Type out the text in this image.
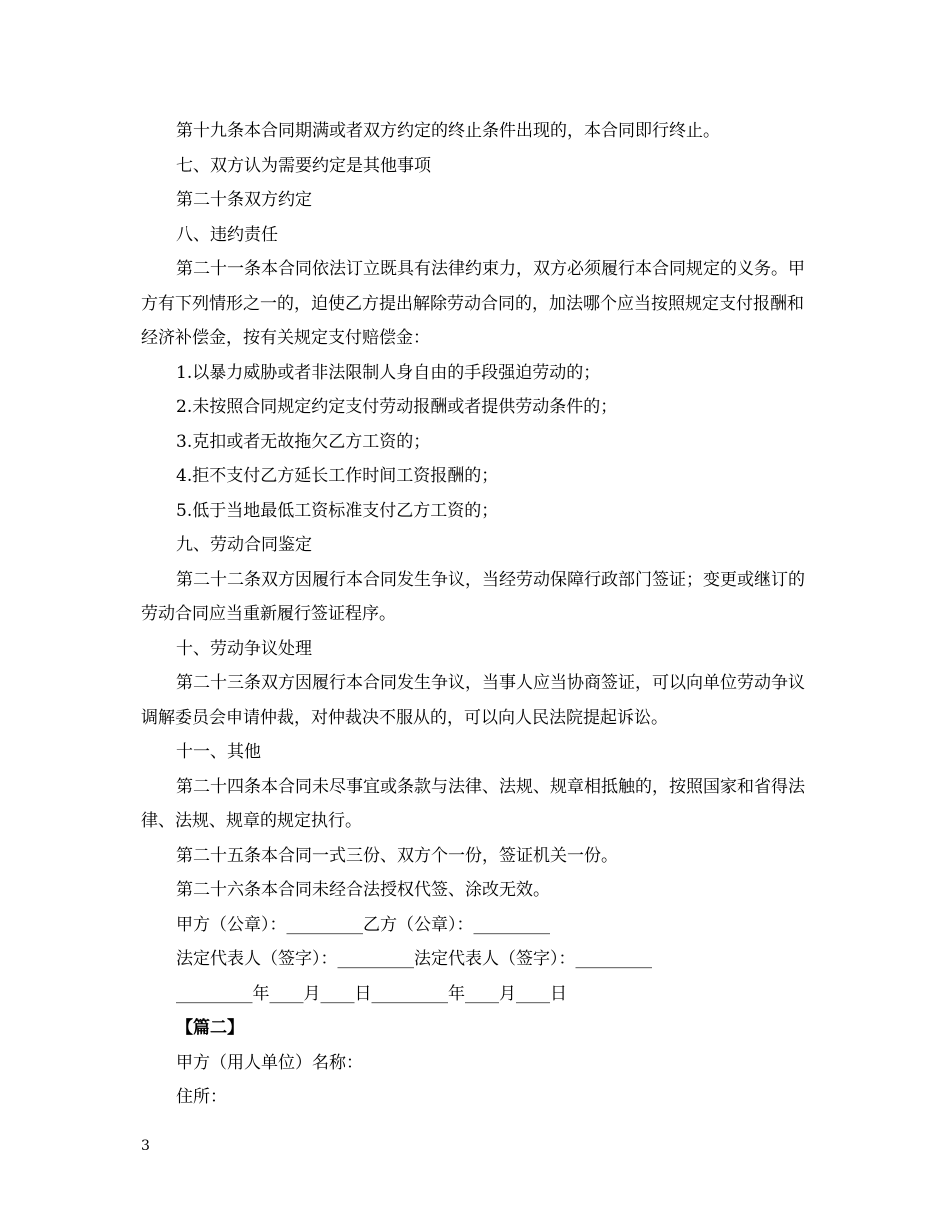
第十九条本合同期满或者双方约定的终止条件出现的，本合同即行终止。

七、双方认为需要约定是其他事项

第二十条双方约定

八、违约责任

第二十一条本合同依法订立既具有法律约束力，双方必须履行本合同规定的义务。甲方有下列情形之一的，迫使乙方提出解除劳动合同的，加法哪个应当按照规定支付报酬和经济补偿金，按有关规定支付赔偿金：

1.以暴力威胁或者非法限制人身自由的手段强迫劳动的；

2.未按照合同规定约定支付劳动报酬或者提供劳动条件的；

3.克扣或者无故拖欠乙方工资的；

4.拒不支付乙方延长工作时间工资报酬的；

5.低于当地最低工资标准支付乙方工资的；

九、劳动合同鉴定

第二十二条双方因履行本合同发生争议，当经劳动保障行政部门签证；变更或继订的劳动合同应当重新履行签证程序。

十、劳动争议处理

第二十三条双方因履行本合同发生争议，当事人应当协商签证，可以向单位劳动争议调解委员会申请仲裁，对仲裁决不服从的，可以向人民法院提起诉讼。

十一、其他

第二十四条本合同未尽事宜或条款与法律、法规、规章相抵触的，按照国家和省得法律、法规、规章的规定执行。

第二十五条本合同一式三份、双方个一份，签证机关一份。

第二十六条本合同未经合法授权代签、涂改无效。

甲方（公章）：_________乙方（公章）：_________

法定代表人（签字）：_________法定代表人（签字）：_________

_________年____月____日_________年____月____日

【篇二】

甲方（用人单位）名称：

住所：

3
